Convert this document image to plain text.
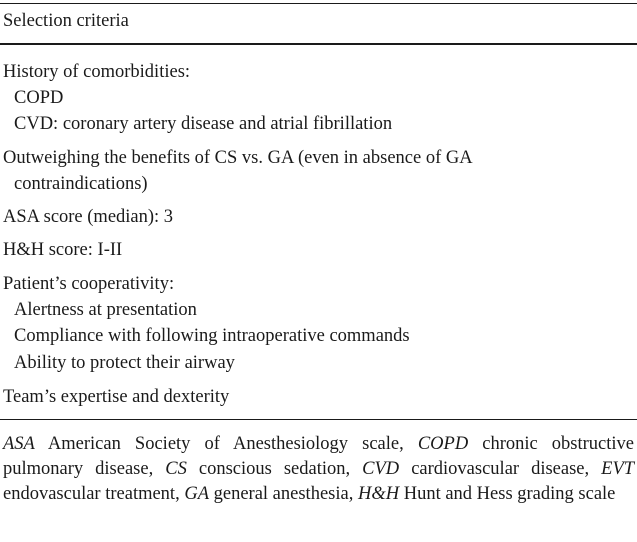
Selection criteria
History of comorbidities:
COPD
CVD: coronary artery disease and atrial fibrillation
Outweighing the benefits of CS vs. GA (even in absence of GA
contraindications)
ASA score (median): 3
H&H score: I-II
Patient’s cooperativity:
Alertness at presentation
Compliance with following intraoperative commands
Ability to protect their airway
Team’s expertise and dexterity
ASA American Society of Anesthesiology scale, COPD chronic obstructive pulmonary disease, CS conscious sedation, CVD cardiovascular disease, EVT endovascular treatment, GA general anesthesia, H&H Hunt and Hess grading scale
